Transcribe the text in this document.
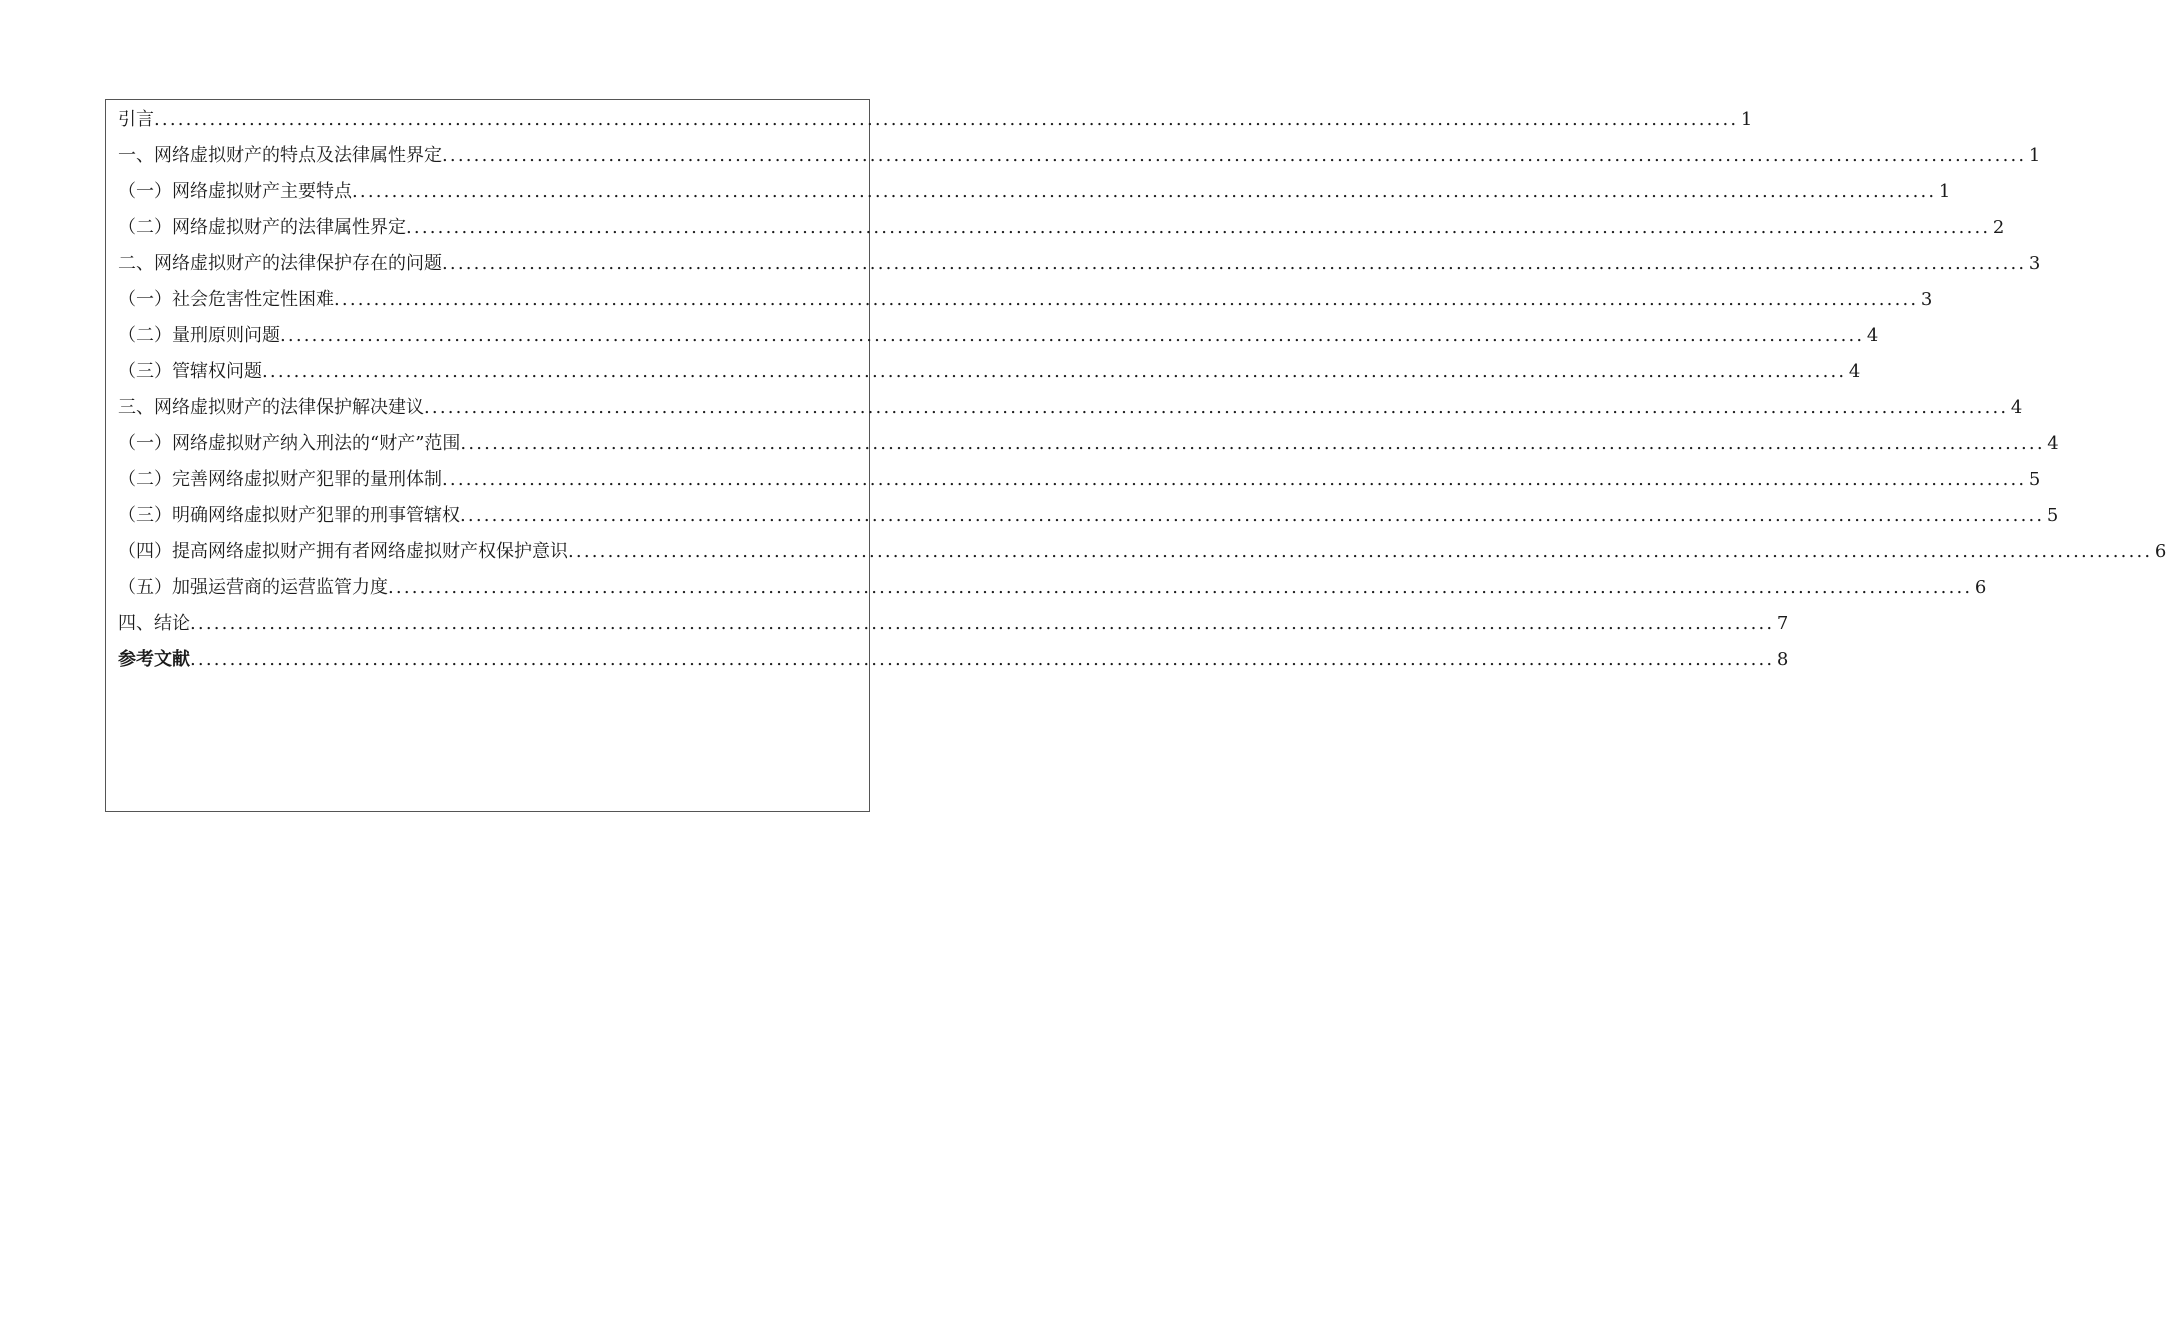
引言 ........................................................................................................................................................................................................ 1
一、网络虚拟财产的特点及法律属性界定 ........................................................................................................................................................................................................ 1
（一）网络虚拟财产主要特点 ........................................................................................................................................................................................................ 1
（二）网络虚拟财产的法律属性界定 ........................................................................................................................................................................................................ 2
二、网络虚拟财产的法律保护存在的问题 ........................................................................................................................................................................................................ 3
（一）社会危害性定性困难 ........................................................................................................................................................................................................ 3
（二）量刑原则问题 ........................................................................................................................................................................................................ 4
（三）管辖权问题 ........................................................................................................................................................................................................ 4
三、网络虚拟财产的法律保护解决建议 ........................................................................................................................................................................................................ 4
（一）网络虚拟财产纳入刑法的“财产”范围 ........................................................................................................................................................................................................ 4
（二）完善网络虚拟财产犯罪的量刑体制 ........................................................................................................................................................................................................ 5
（三）明确网络虚拟财产犯罪的刑事管辖权 ........................................................................................................................................................................................................ 5
（四）提高网络虚拟财产拥有者网络虚拟财产权保护意识 ........................................................................................................................................................................................................ 6
（五）加强运营商的运营监管力度 ........................................................................................................................................................................................................ 6
四、结论 ........................................................................................................................................................................................................ 7
参考文献 ........................................................................................................................................................................................................ 8
